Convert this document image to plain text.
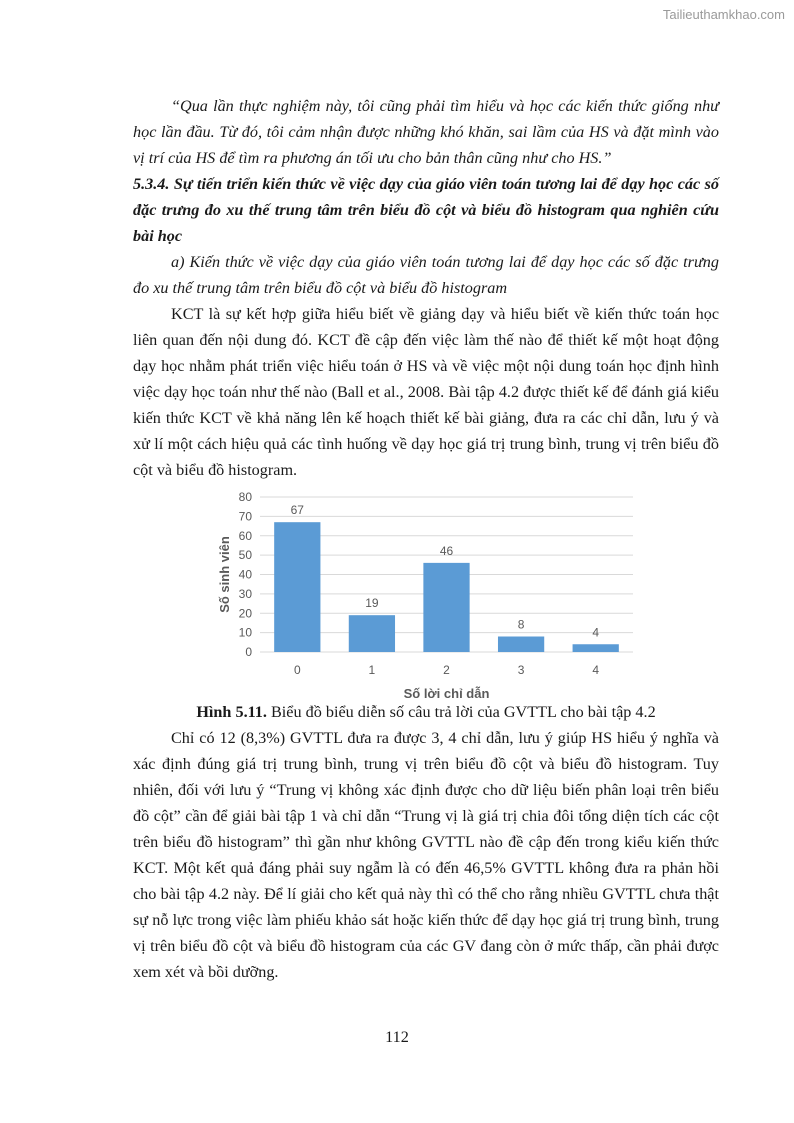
Tailieuthamkhao.com

“Qua lần thực nghiệm này, tôi cũng phải tìm hiểu và học các kiến thức giống như học lần đầu. Từ đó, tôi cảm nhận được những khó khăn, sai lầm của HS và đặt mình vào vị trí của HS để tìm ra phương án tối ưu cho bản thân cũng như cho HS.”

5.3.4. Sự tiến triển kiến thức về việc dạy của giáo viên toán tương lai để dạy học các số đặc trưng đo xu thế trung tâm trên biểu đồ cột và biểu đồ histogram qua nghiên cứu bài học

a) Kiến thức về việc dạy của giáo viên toán tương lai để dạy học các số đặc trưng đo xu thế trung tâm trên biểu đồ cột và biểu đồ histogram

KCT là sự kết hợp giữa hiểu biết về giảng dạy và hiểu biết về kiến thức toán học liên quan đến nội dung đó. KCT đề cập đến việc làm thế nào để thiết kế một hoạt động dạy học nhằm phát triển việc hiểu toán ở HS và về việc một nội dung toán học định hình việc dạy học toán như thế nào (Ball et al., 2008. Bài tập 4.2 được thiết kế để đánh giá kiểu kiến thức KCT về khả năng lên kế hoạch thiết kế bài giảng, đưa ra các chỉ dẫn, lưu ý và xử lí một cách hiệu quả các tình huống về dạy học giá trị trung bình, trung vị trên biểu đồ cột và biểu đồ histogram.

0
10
20
30
40
50
60
70
80
67
0
19
1
46
2
8
3
4
4
Số lời chỉ dẫn
Số sinh viên

Hình 5.11. Biểu đồ biểu diễn số câu trả lời của GVTTL cho bài tập 4.2

Chỉ có 12 (8,3%) GVTTL đưa ra được 3, 4 chỉ dẫn, lưu ý giúp HS hiểu ý nghĩa và xác định đúng giá trị trung bình, trung vị trên biểu đồ cột và biểu đồ histogram. Tuy nhiên, đối với lưu ý “Trung vị không xác định được cho dữ liệu biến phân loại trên biểu đồ cột” cần để giải bài tập 1 và chỉ dẫn “Trung vị là giá trị chia đôi tổng diện tích các cột trên biểu đồ histogram” thì gần như không GVTTL nào đề cập đến trong kiểu kiến thức KCT. Một kết quả đáng phải suy ngẫm là có đến 46,5% GVTTL không đưa ra phản hồi cho bài tập 4.2 này. Để lí giải cho kết quả này thì có thể cho rằng nhiều GVTTL chưa thật sự nỗ lực trong việc làm phiếu khảo sát hoặc kiến thức để dạy học giá trị trung bình, trung vị trên biểu đồ cột và biểu đồ histogram của các GV đang còn ở mức thấp, cần phải được xem xét và bồi dưỡng.

112
